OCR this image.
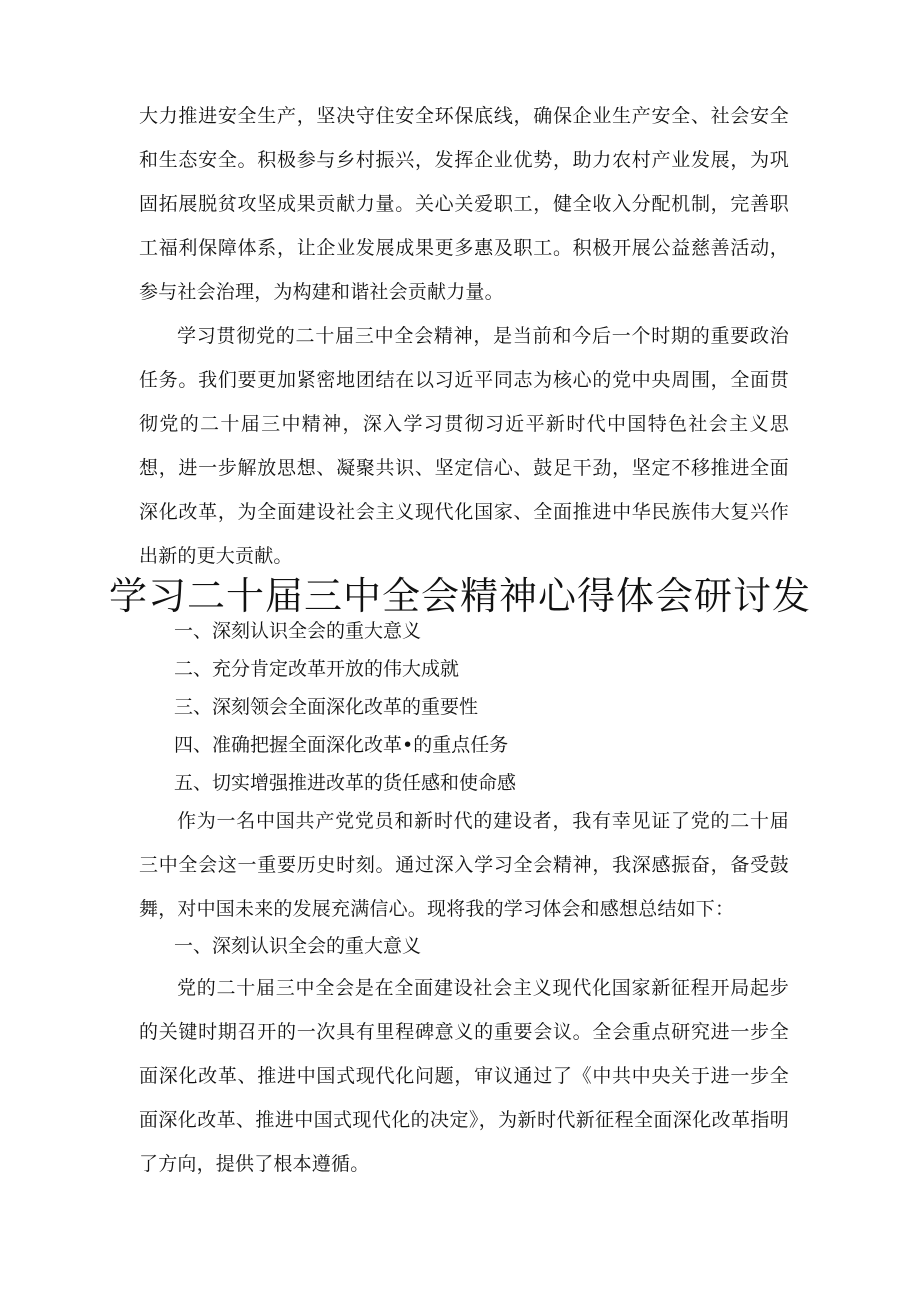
大力推进安全生产，坚决守住安全环保底线，确保企业生产安全、社会安全和生态安全。积极参与乡村振兴，发挥企业优势，助力农村产业发展，为巩固拓展脱贫攻坚成果贡献力量。关心关爱职工，健全收入分配机制，完善职工福利保障体系，让企业发展成果更多惠及职工。积极开展公益慈善活动，参与社会治理，为构建和谐社会贡献力量。

学习贯彻党的二十届三中全会精神，是当前和今后一个时期的重要政治任务。我们要更加紧密地团结在以习近平同志为核心的党中央周围，全面贯彻党的二十届三中精神，深入学习贯彻习近平新时代中国特色社会主义思想，进一步解放思想、凝聚共识、坚定信心、鼓足干劲，坚定不移推进全面深化改革，为全面建设社会主义现代化国家、全面推进中华民族伟大复兴作出新的更大贡献。

学习二十届三中全会精神心得体会研讨发

一、深刻认识全会的重大意义

二、充分肯定改革开放的伟大成就

三、深刻领会全面深化改革的重要性

四、准确把握全面深化改革•的重点任务

五、切实增强推进改革的货任感和使命感

作为一名中国共产党党员和新时代的建设者，我有幸见证了党的二十届三中全会这一重要历史时刻。通过深入学习全会精神，我深感振奋，备受鼓舞，对中国未来的发展充满信心。现将我的学习体会和感想总结如下：

一、深刻认识全会的重大意义

党的二十届三中全会是在全面建设社会主义现代化国家新征程开局起步的关键时期召开的一次具有里程碑意义的重要会议。全会重点研究进一步全面深化改革、推进中国式现代化问题，审议通过了《中共中央关于进一步全面深化改革、推进中国式现代化的决定》，为新时代新征程全面深化改革指明了方向，提供了根本遵循。
